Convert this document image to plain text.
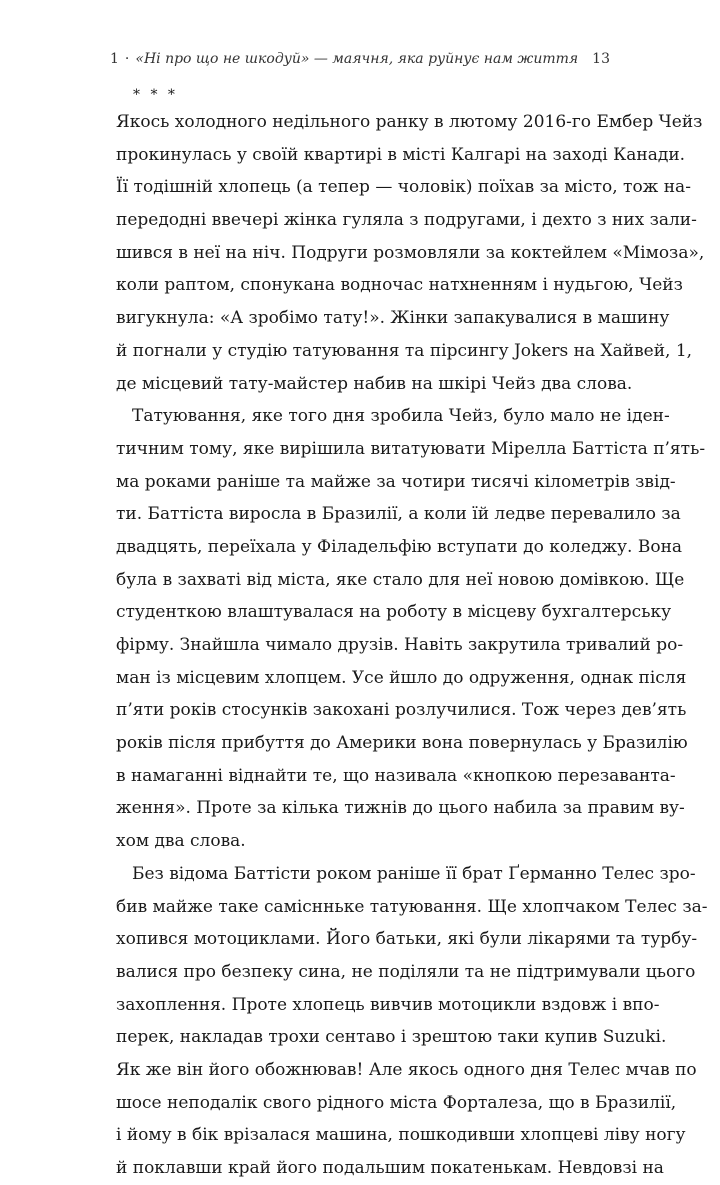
1 · «Ні про що не шкодуй» — маячня, яка руйнує нам життя 13
* * *
Якось холодного недільного ранку в лютому 2016-го Ембер Чейз
прокинулась у своїй квартирі в місті Калгарі на заході Канади.
Її тодішній хлопець (а тепер — чоловік) поїхав за місто, тож на-
передодні ввечері жінка гуляла з подругами, і дехто з них зали-
шився в неї на ніч. Подруги розмовляли за коктейлем «Мімоза»,
коли раптом, спонукана водночас натхненням і нудьгою, Чейз
вигукнула: «А зробімо тату!». Жінки запакувалися в машину
й погнали у студію татуювання та пірсингу Jokers на Хайвей, 1,
де місцевий тату-майстер набив на шкірі Чейз два слова.
Татуювання, яке того дня зробила Чейз, було мало не іден-
тичним тому, яке вирішила витатуювати Мірелла Баттіста п’ять-
ма роками раніше та майже за чотири тисячі кілометрів звід-
ти. Баттіста виросла в Бразилії, а коли їй ледве перевалило за
двадцять, переїхала у Філадельфію вступати до коледжу. Вона
була в захваті від міста, яке стало для неї новою домівкою. Ще
студенткою влаштувалася на роботу в місцеву бухгалтерську
фірму. Знайшла чимало друзів. Навіть закрутила тривалий ро-
ман із місцевим хлопцем. Усе йшло до одруження, однак після
п’яти років стосунків закохані розлучилися. Тож через дев’ять
років після прибуття до Америки вона повернулась у Бразилію
в намаганні віднайти те, що називала «кнопкою перезаванта-
ження». Проте за кілька тижнів до цього набила за правим ву-
хом два слова.
Без відома Баттісти роком раніше її брат Ґерманно Телес зро-
бив майже таке саміснньке татуювання. Ще хлопчаком Телес за-
хопився мотоциклами. Його батьки, які були лікарями та турбу-
валися про безпеку сина, не поділяли та не підтримували цього
захоплення. Проте хлопець вивчив мотоцикли вздовж і впо-
перек, накладав трохи сентаво і зрештою таки купив Suzuki.
Як же він його обожнював! Але якось одного дня Телес мчав по
шосе неподалік свого рідного міста Форталеза, що в Бразилії,
і йому в бік врізалася машина, пошкодивши хлопцеві ліву ногу
й поклавши край його подальшим покатенькам. Невдовзі на
